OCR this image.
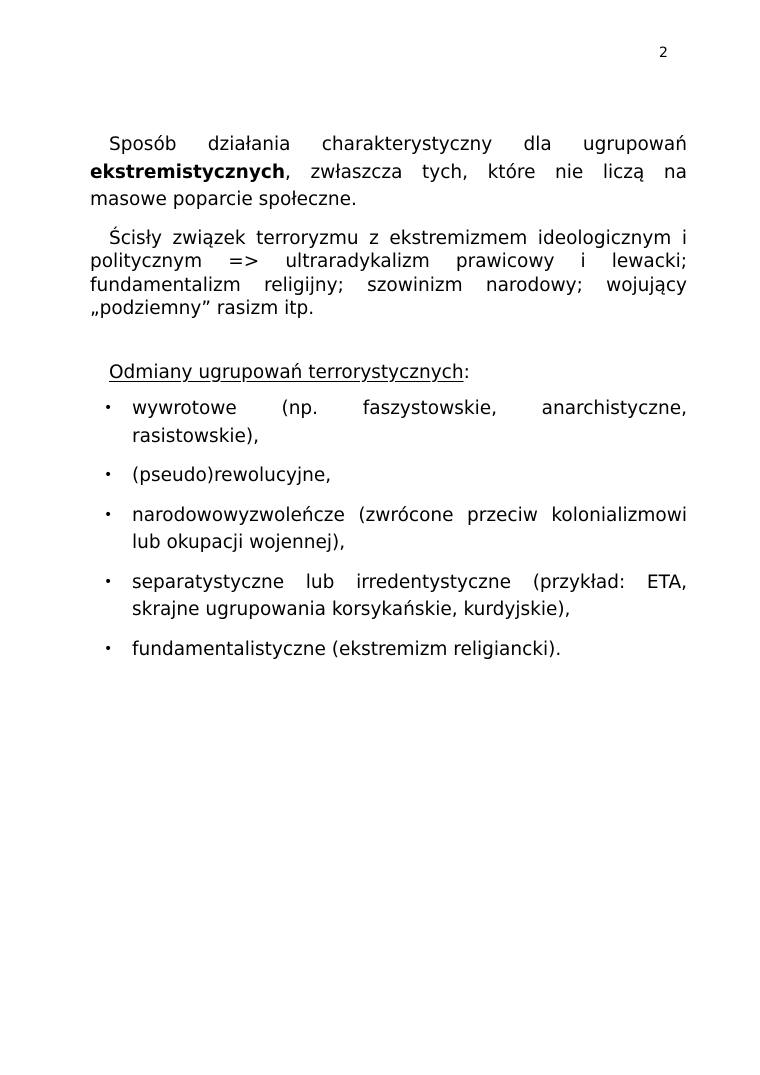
2

Sposób działania charakterystyczny dla ugrupowań ekstremistycznych, zwłaszcza tych, które nie liczą na masowe poparcie społeczne.

Ścisły związek terroryzmu z ekstremizmem ideologicznym i politycznym => ultraradykalizm prawicowy i lewacki; fundamentalizm religijny; szowinizm narodowy; wojujący „podziemny” rasizm itp.

Odmiany ugrupowań terrorystycznych:

• wywrotowe (np. faszystowskie, anarchistyczne, rasistowskie),
• (pseudo)rewolucyjne,
• narodowowyzwoleńcze (zwrócone przeciw kolonializmowi lub okupacji wojennej),
• separatystyczne lub irredentystyczne (przykład: ETA, skrajne ugrupowania korsykańskie, kurdyjskie),
• fundamentalistyczne (ekstremizm religiancki).
